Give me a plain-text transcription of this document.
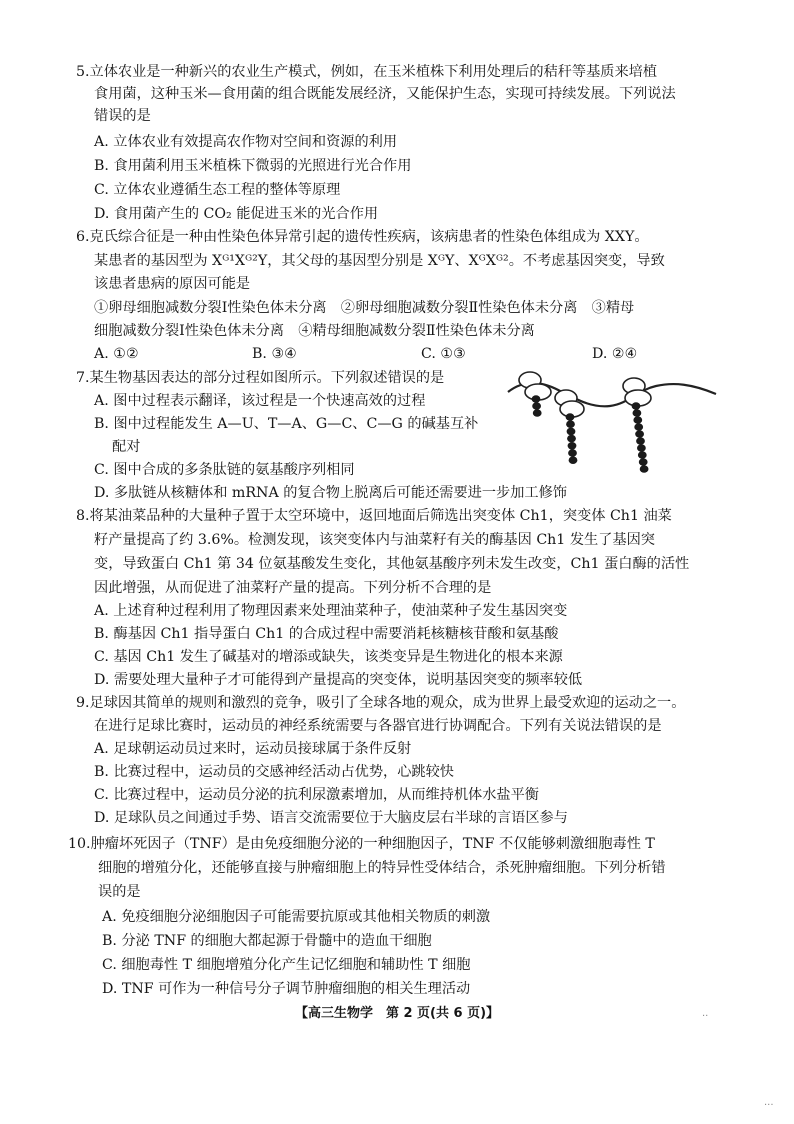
5.立体农业是一种新兴的农业生产模式，例如，在玉米植株下利用处理后的秸秆等基质来培植
食用菌，这种玉米—食用菌的组合既能发展经济，又能保护生态，实现可持续发展。下列说法
错误的是
A. 立体农业有效提高农作物对空间和资源的利用
B. 食用菌利用玉米植株下微弱的光照进行光合作用
C. 立体农业遵循生态工程的整体等原理
D. 食用菌产生的 CO₂ 能促进玉米的光合作用
6.克氏综合征是一种由性染色体异常引起的遗传性疾病，该病患者的性染色体组成为 XXY。
某患者的基因型为 Xᴳ¹Xᴳ²Y，其父母的基因型分别是 XᴳY、XᴳXᴳ²。不考虑基因突变，导致
该患者患病的原因可能是
①卵母细胞减数分裂Ⅰ性染色体未分离　②卵母细胞减数分裂Ⅱ性染色体未分离　③精母
细胞减数分裂Ⅰ性染色体未分离　④精母细胞减数分裂Ⅱ性染色体未分离
A. ①②	B. ③④	C. ①③	D. ②④
7.某生物基因表达的部分过程如图所示。下列叙述错误的是
A. 图中过程表示翻译，该过程是一个快速高效的过程
B. 图中过程能发生 A—U、T—A、G—C、C—G 的碱基互补
配对
C. 图中合成的多条肽链的氨基酸序列相同
D. 多肽链从核糖体和 mRNA 的复合物上脱离后可能还需要进一步加工修饰
8.将某油菜品种的大量种子置于太空环境中，返回地面后筛选出突变体 Ch1，突变体 Ch1 油菜
籽产量提高了约 3.6%。检测发现，该突变体内与油菜籽有关的酶基因 Ch1 发生了基因突
变，导致蛋白 Ch1 第 34 位氨基酸发生变化，其他氨基酸序列未发生改变，Ch1 蛋白酶的活性
因此增强，从而促进了油菜籽产量的提高。下列分析不合理的是
A. 上述育种过程利用了物理因素来处理油菜种子，使油菜种子发生基因突变
B. 酶基因 Ch1 指导蛋白 Ch1 的合成过程中需要消耗核糖核苷酸和氨基酸
C. 基因 Ch1 发生了碱基对的增添或缺失，该类变异是生物进化的根本来源
D. 需要处理大量种子才可能得到产量提高的突变体，说明基因突变的频率较低
9.足球因其简单的规则和激烈的竞争，吸引了全球各地的观众，成为世界上最受欢迎的运动之一。
在进行足球比赛时，运动员的神经系统需要与各器官进行协调配合。下列有关说法错误的是
A. 足球朝运动员过来时，运动员接球属于条件反射
B. 比赛过程中，运动员的交感神经活动占优势，心跳较快
C. 比赛过程中，运动员分泌的抗利尿激素增加，从而维持机体水盐平衡
D. 足球队员之间通过手势、语言交流需要位于大脑皮层右半球的言语区参与
10.肿瘤坏死因子（TNF）是由免疫细胞分泌的一种细胞因子，TNF 不仅能够刺激细胞毒性 T
细胞的增殖分化，还能够直接与肿瘤细胞上的特异性受体结合，杀死肿瘤细胞。下列分析错
误的是
A. 免疫细胞分泌细胞因子可能需要抗原或其他相关物质的刺激
B. 分泌 TNF 的细胞大都起源于骨髓中的造血干细胞
C. 细胞毒性 T 细胞增殖分化产生记忆细胞和辅助性 T 细胞
D. TNF 可作为一种信号分子调节肿瘤细胞的相关生理活动
【高三生物学　第 2 页(共 6 页)】	..
···
